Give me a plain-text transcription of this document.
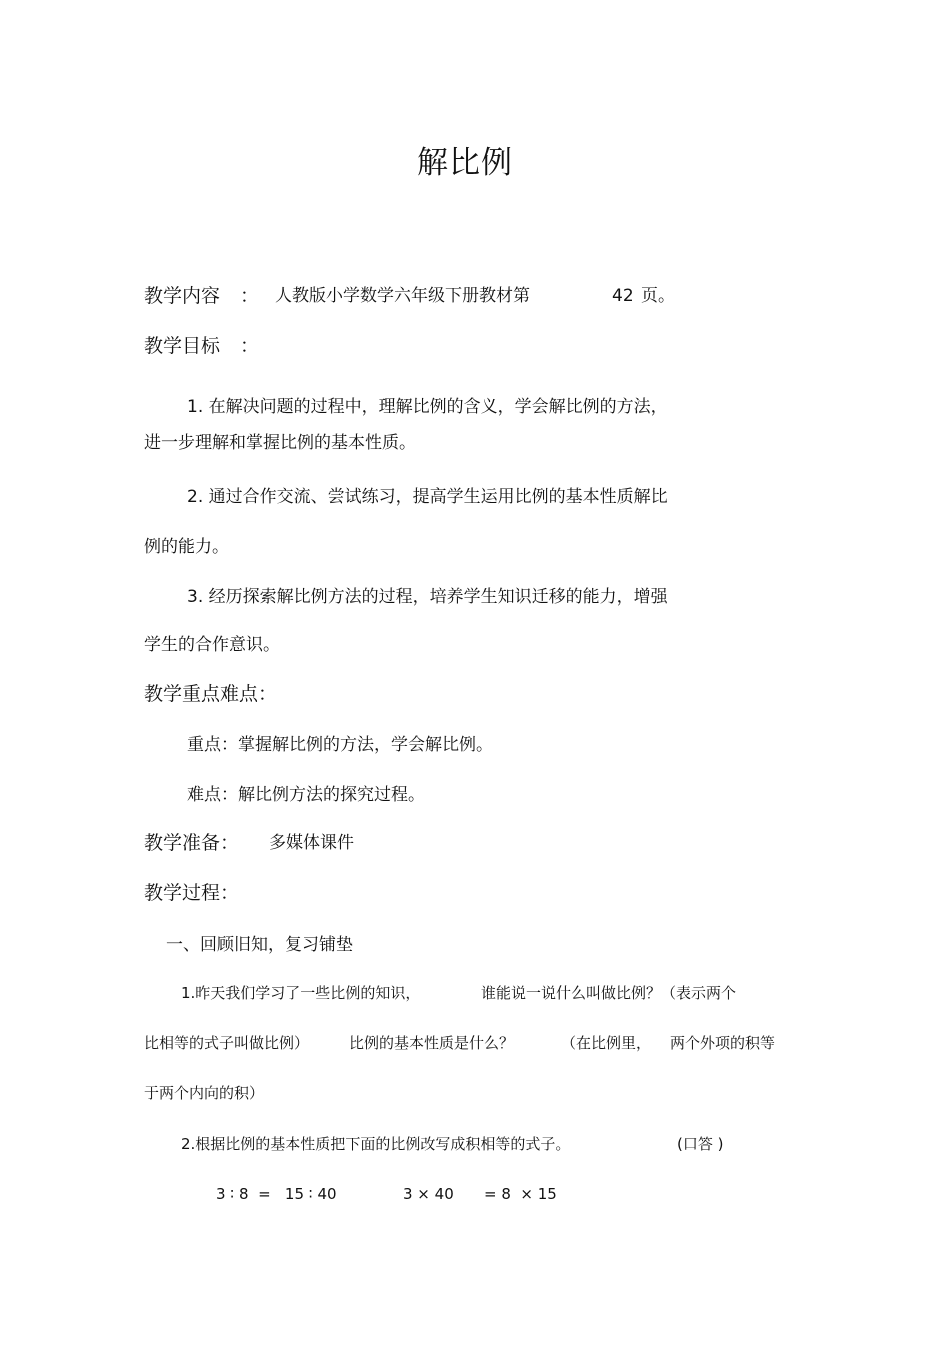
解比例
教学内容 ： 人教版小学数学六年级下册教材第	42 页。
教学目标 ：
1. 在解决问题的过程中，理解比例的含义，学会解比例的方法，
进一步理解和掌握比例的基本性质。
2. 通过合作交流、尝试练习，提高学生运用比例的基本性质解比
例的能力。
3. 经历探索解比例方法的过程，培养学生知识迁移的能力，增强
学生的合作意识。
教学重点难点：
重点：掌握解比例的方法，学会解比例。
难点：解比例方法的探究过程。
教学准备： 多媒体课件
教学过程：
一、回顾旧知，复习铺垫
1.昨天我们学习了一些比例的知识，	谁能说一说什么叫做比例？（表示两个
比相等的式子叫做比例）	比例的基本性质是什么？	（在比例里， 两个外项的积等
于两个内向的积）
2.根据比例的基本性质把下面的比例改写成积相等的式子。	(口答 )
3 ∶ 8  =   15 ∶ 40	3 × 40 = 8  × 15
